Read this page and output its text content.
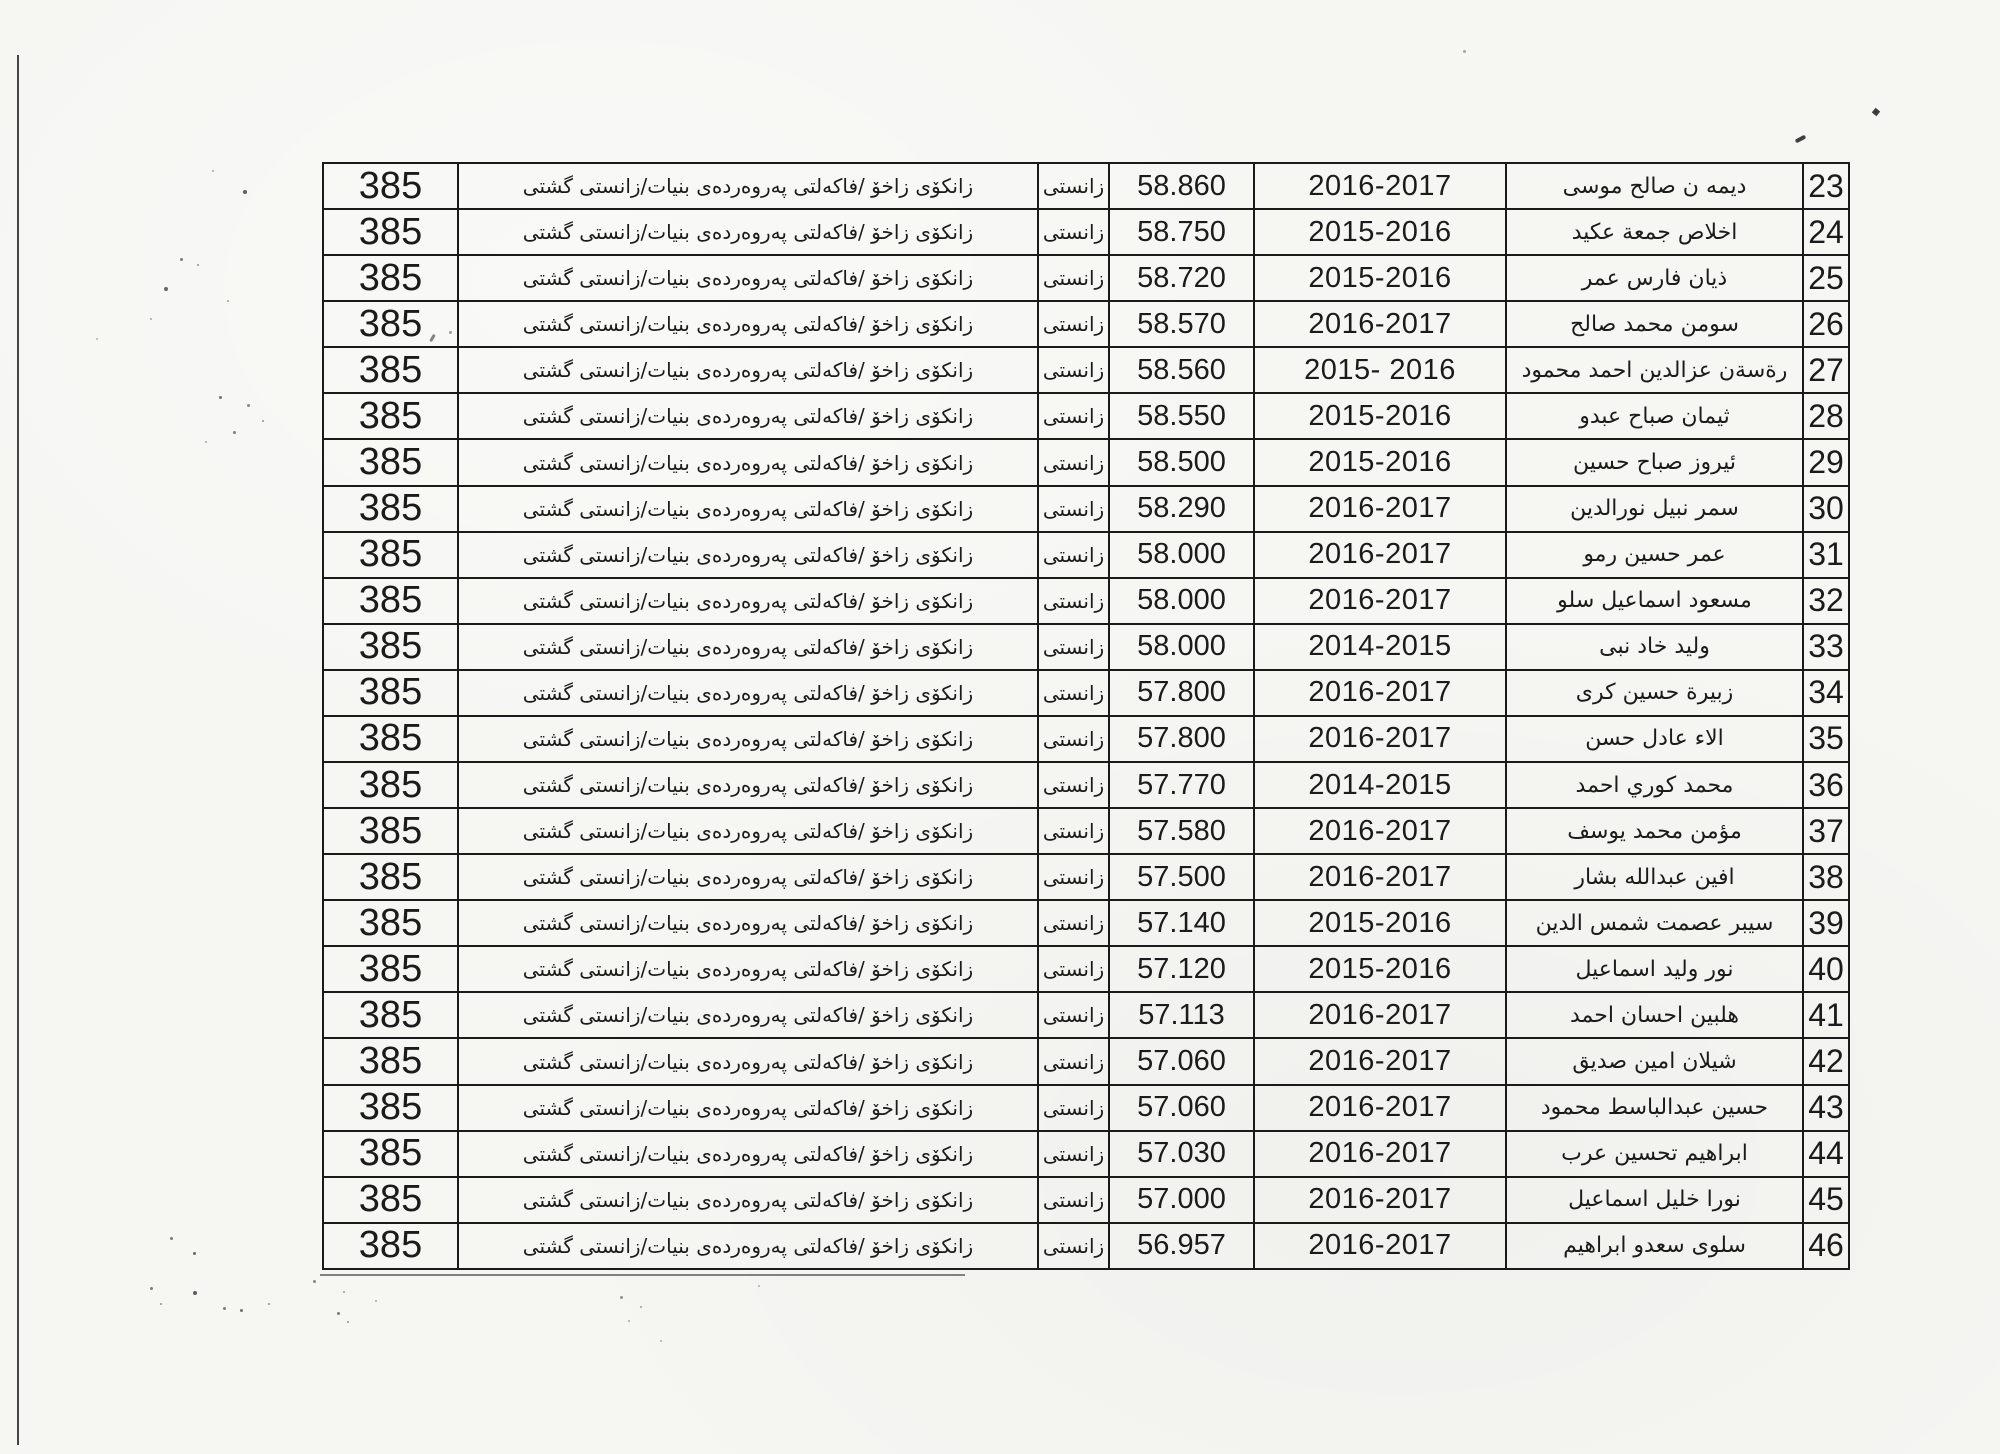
23	ديمه ن صالح موسى	2016-2017	58.860	زانستى	زانكۆى زاخۆ /فاكەلتى پەروەردەى بنيات/زانستى گشتى	385
24	اخلاص جمعة عكيد	2015-2016	58.750	زانستى	زانكۆى زاخۆ /فاكەلتى پەروەردەى بنيات/زانستى گشتى	385
25	ذيان فارس عمر	2015-2016	58.720	زانستى	زانكۆى زاخۆ /فاكەلتى پەروەردەى بنيات/زانستى گشتى	385
26	سومن محمد صالح	2016-2017	58.570	زانستى	زانكۆى زاخۆ /فاكەلتى پەروەردەى بنيات/زانستى گشتى	385
27	رةسةن عزالدين احمد محمود	2015- 2016	58.560	زانستى	زانكۆى زاخۆ /فاكەلتى پەروەردەى بنيات/زانستى گشتى	385
28	ثيمان صباح عبدو	2015-2016	58.550	زانستى	زانكۆى زاخۆ /فاكەلتى پەروەردەى بنيات/زانستى گشتى	385
29	ئيروز صباح حسين	2015-2016	58.500	زانستى	زانكۆى زاخۆ /فاكەلتى پەروەردەى بنيات/زانستى گشتى	385
30	سمر نبيل نورالدين	2016-2017	58.290	زانستى	زانكۆى زاخۆ /فاكەلتى پەروەردەى بنيات/زانستى گشتى	385
31	عمر حسين رمو	2016-2017	58.000	زانستى	زانكۆى زاخۆ /فاكەلتى پەروەردەى بنيات/زانستى گشتى	385
32	مسعود اسماعيل سلو	2016-2017	58.000	زانستى	زانكۆى زاخۆ /فاكەلتى پەروەردەى بنيات/زانستى گشتى	385
33	وليد خاد نبى	2014-2015	58.000	زانستى	زانكۆى زاخۆ /فاكەلتى پەروەردەى بنيات/زانستى گشتى	385
34	زبيرة حسين كرى	2016-2017	57.800	زانستى	زانكۆى زاخۆ /فاكەلتى پەروەردەى بنيات/زانستى گشتى	385
35	الاء عادل حسن	2016-2017	57.800	زانستى	زانكۆى زاخۆ /فاكەلتى پەروەردەى بنيات/زانستى گشتى	385
36	محمد كوري احمد	2014-2015	57.770	زانستى	زانكۆى زاخۆ /فاكەلتى پەروەردەى بنيات/زانستى گشتى	385
37	مؤمن محمد يوسف	2016-2017	57.580	زانستى	زانكۆى زاخۆ /فاكەلتى پەروەردەى بنيات/زانستى گشتى	385
38	افين عبدالله بشار	2016-2017	57.500	زانستى	زانكۆى زاخۆ /فاكەلتى پەروەردەى بنيات/زانستى گشتى	385
39	سيبر عصمت شمس الدين	2015-2016	57.140	زانستى	زانكۆى زاخۆ /فاكەلتى پەروەردەى بنيات/زانستى گشتى	385
40	نور وليد اسماعيل	2015-2016	57.120	زانستى	زانكۆى زاخۆ /فاكەلتى پەروەردەى بنيات/زانستى گشتى	385
41	هلبين احسان احمد	2016-2017	57.113	زانستى	زانكۆى زاخۆ /فاكەلتى پەروەردەى بنيات/زانستى گشتى	385
42	شيلان امين صديق	2016-2017	57.060	زانستى	زانكۆى زاخۆ /فاكەلتى پەروەردەى بنيات/زانستى گشتى	385
43	حسين عبدالباسط محمود	2016-2017	57.060	زانستى	زانكۆى زاخۆ /فاكەلتى پەروەردەى بنيات/زانستى گشتى	385
44	ابراهيم تحسين عرب	2016-2017	57.030	زانستى	زانكۆى زاخۆ /فاكەلتى پەروەردەى بنيات/زانستى گشتى	385
45	نورا خليل اسماعيل	2016-2017	57.000	زانستى	زانكۆى زاخۆ /فاكەلتى پەروەردەى بنيات/زانستى گشتى	385
46	سلوى سعدو ابراهيم	2016-2017	56.957	زانستى	زانكۆى زاخۆ /فاكەلتى پەروەردەى بنيات/زانستى گشتى	385
